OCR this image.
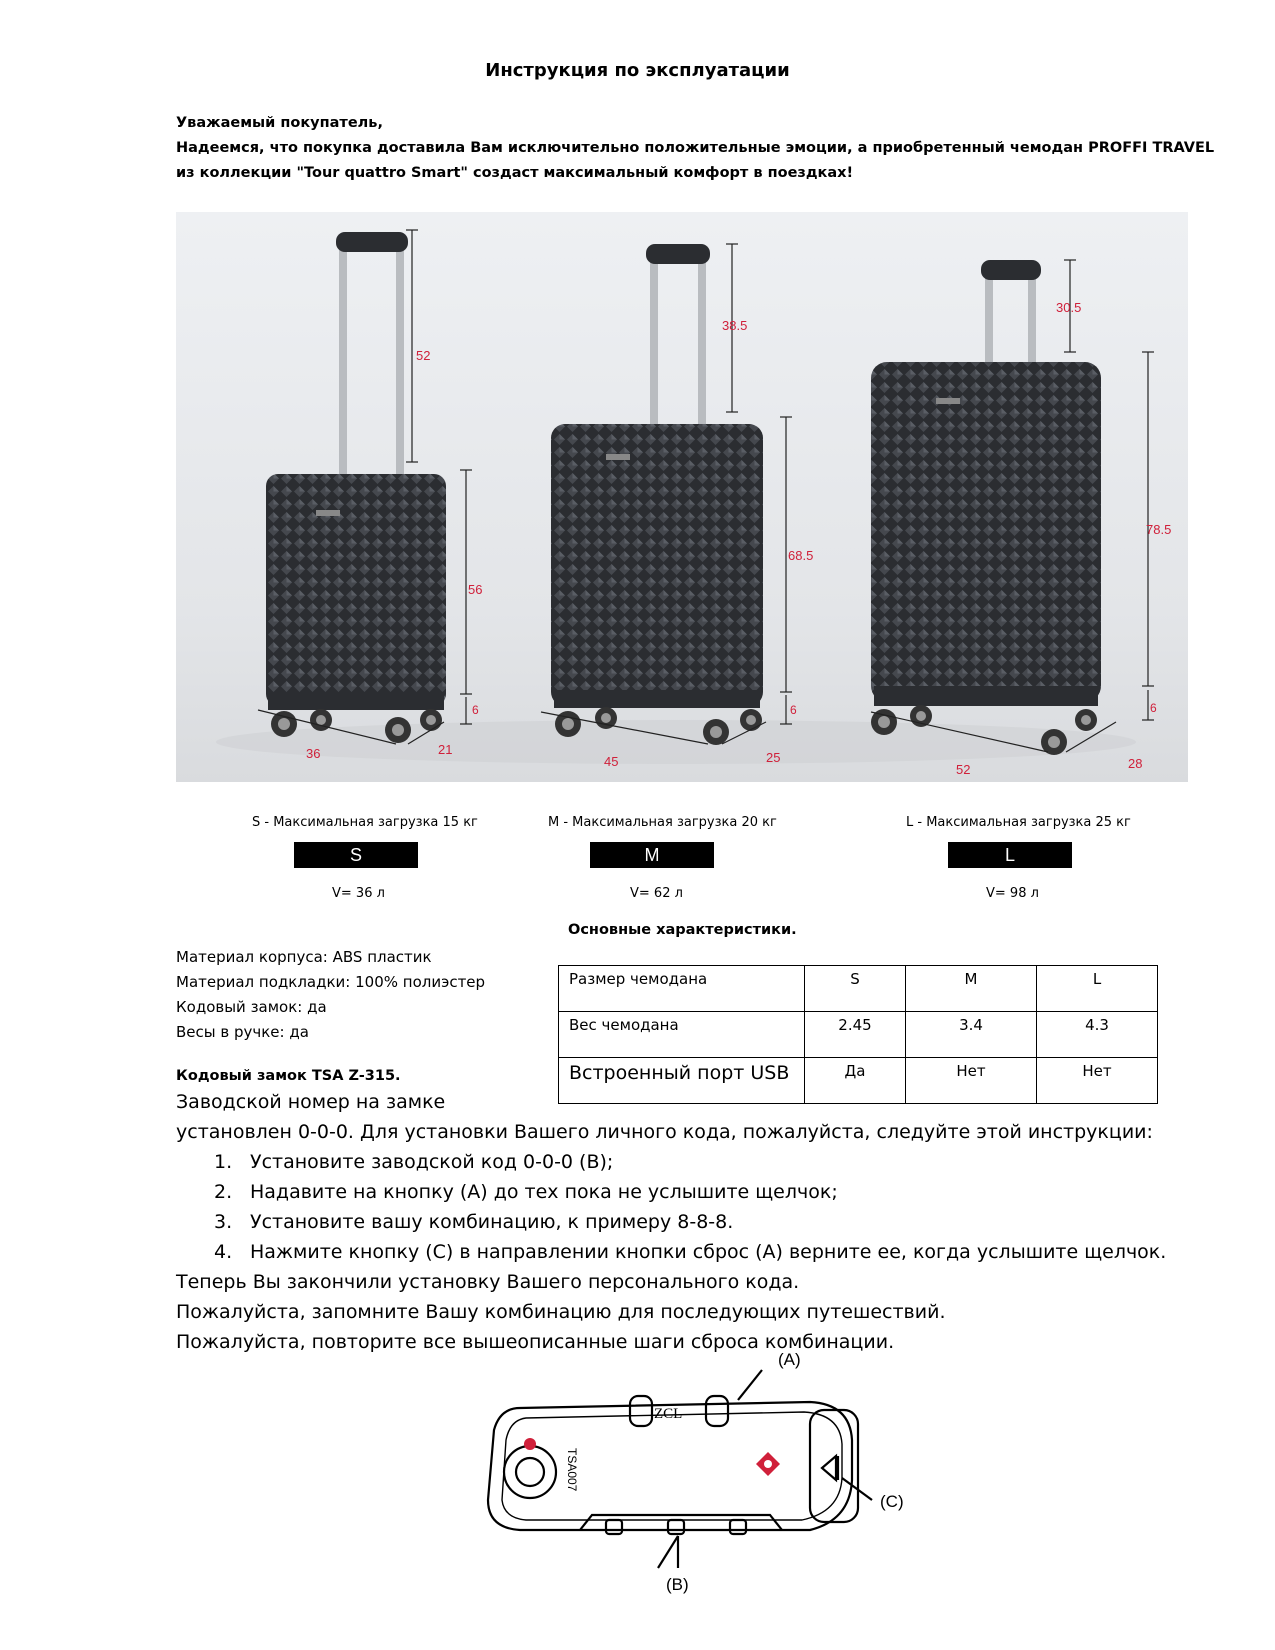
Инструкция по эксплуатации
Уважаемый покупатель,
Надеемся, что покупка доставила Вам исключительно положительные эмоции, а приобретенный чемодан PROFFI TRAVEL
из коллекции "Tour quattro Smart" создаст максимальный комфорт в поездках!
52
56
6
36	21
38.5
68.5
6
45	25
30.5
78.5
6
52	28
S - Максимальная загрузка 15 кг	M - Максимальная загрузка 20 кг	L - Максимальная загрузка 25 кг
S	M	L
V= 36 л	V= 62 л	V= 98 л
Основные характеристики.
Материал корпуса: ABS пластик
Материал подкладки: 100% полиэстер
Кодовый замок: да
Весы в ручке: да
Размер чемодана	S	M	L
Вес чемодана	2.45	3.4	4.3
Встроенный порт USB	Да	Нет	Нет
Кодовый замок TSA Z-315.
Заводской номер на замке
установлен 0-0-0. Для установки Вашего личного кода, пожалуйста, следуйте этой инструкции:
1. Установите заводской код 0-0-0 (B);
2. Надавите на кнопку (A) до тех пока не услышите щелчок;
3. Установите вашу комбинацию, к примеру 8-8-8.
4. Нажмите кнопку (C) в направлении кнопки сброс (A) верните ее, когда услышите щелчок.
Теперь Вы закончили установку Вашего персонального кода.
Пожалуйста, запомните Вашу комбинацию для последующих путешествий.
Пожалуйста, повторите все вышеописанные шаги сброса комбинации.
ZCL
TSA007
(A)
(C)
(B)
